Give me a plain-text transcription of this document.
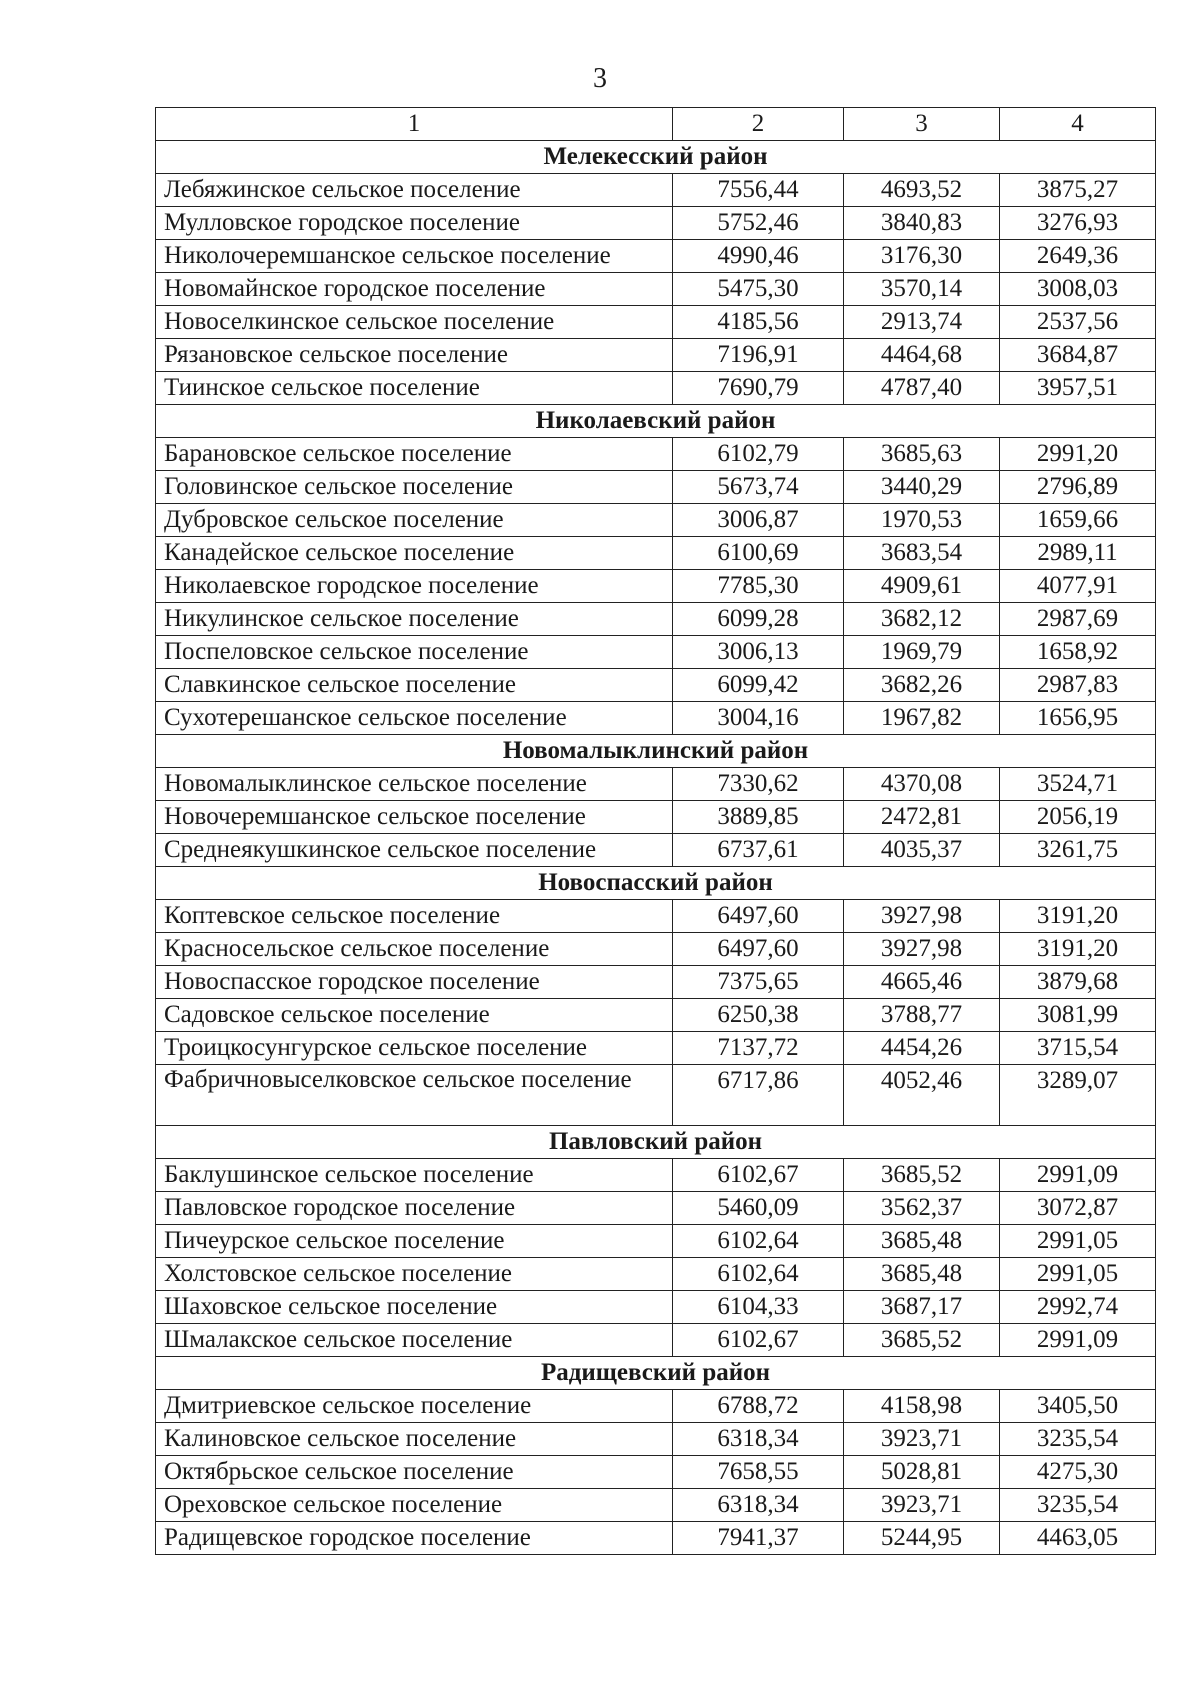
3
1	2	3	4
Мелекесский район			
Лебяжинское сельское поселение	7556,44	4693,52	3875,27
Мулловское городское поселение	5752,46	3840,83	3276,93
Николочеремшанское сельское поселение	4990,46	3176,30	2649,36
Новомайнское городское поселение	5475,30	3570,14	3008,03
Новоселкинское сельское поселение	4185,56	2913,74	2537,56
Рязановское сельское поселение	7196,91	4464,68	3684,87
Тиинское сельское поселение	7690,79	4787,40	3957,51
Николаевский район			
Барановское сельское поселение	6102,79	3685,63	2991,20
Головинское сельское поселение	5673,74	3440,29	2796,89
Дубровское сельское поселение	3006,87	1970,53	1659,66
Канадейское сельское поселение	6100,69	3683,54	2989,11
Николаевское городское поселение	7785,30	4909,61	4077,91
Никулинское сельское поселение	6099,28	3682,12	2987,69
Поспеловское сельское поселение	3006,13	1969,79	1658,92
Славкинское сельское поселение	6099,42	3682,26	2987,83
Сухотерешанское сельское поселение	3004,16	1967,82	1656,95
Новомалыклинский район			
Новомалыклинское сельское поселение	7330,62	4370,08	3524,71
Новочеремшанское сельское поселение	3889,85	2472,81	2056,19
Среднеякушкинское сельское поселение	6737,61	4035,37	3261,75
Новоспасский район			
Коптевское сельское поселение	6497,60	3927,98	3191,20
Красносельское сельское поселение	6497,60	3927,98	3191,20
Новоспасское городское поселение	7375,65	4665,46	3879,68
Садовское сельское поселение	6250,38	3788,77	3081,99
Троицкосунгурское сельское поселение	7137,72	4454,26	3715,54
Фабричновыселковское сельское поселение	6717,86	4052,46	3289,07
Павловский район			
Баклушинское сельское поселение	6102,67	3685,52	2991,09
Павловское городское поселение	5460,09	3562,37	3072,87
Пичеурское сельское поселение	6102,64	3685,48	2991,05
Холстовское сельское поселение	6102,64	3685,48	2991,05
Шаховское сельское поселение	6104,33	3687,17	2992,74
Шмалакское сельское поселение	6102,67	3685,52	2991,09
Радищевский район			
Дмитриевское сельское поселение	6788,72	4158,98	3405,50
Калиновское сельское поселение	6318,34	3923,71	3235,54
Октябрьское сельское поселение	7658,55	5028,81	4275,30
Ореховское сельское поселение	6318,34	3923,71	3235,54
Радищевское городское поселение	7941,37	5244,95	4463,05
